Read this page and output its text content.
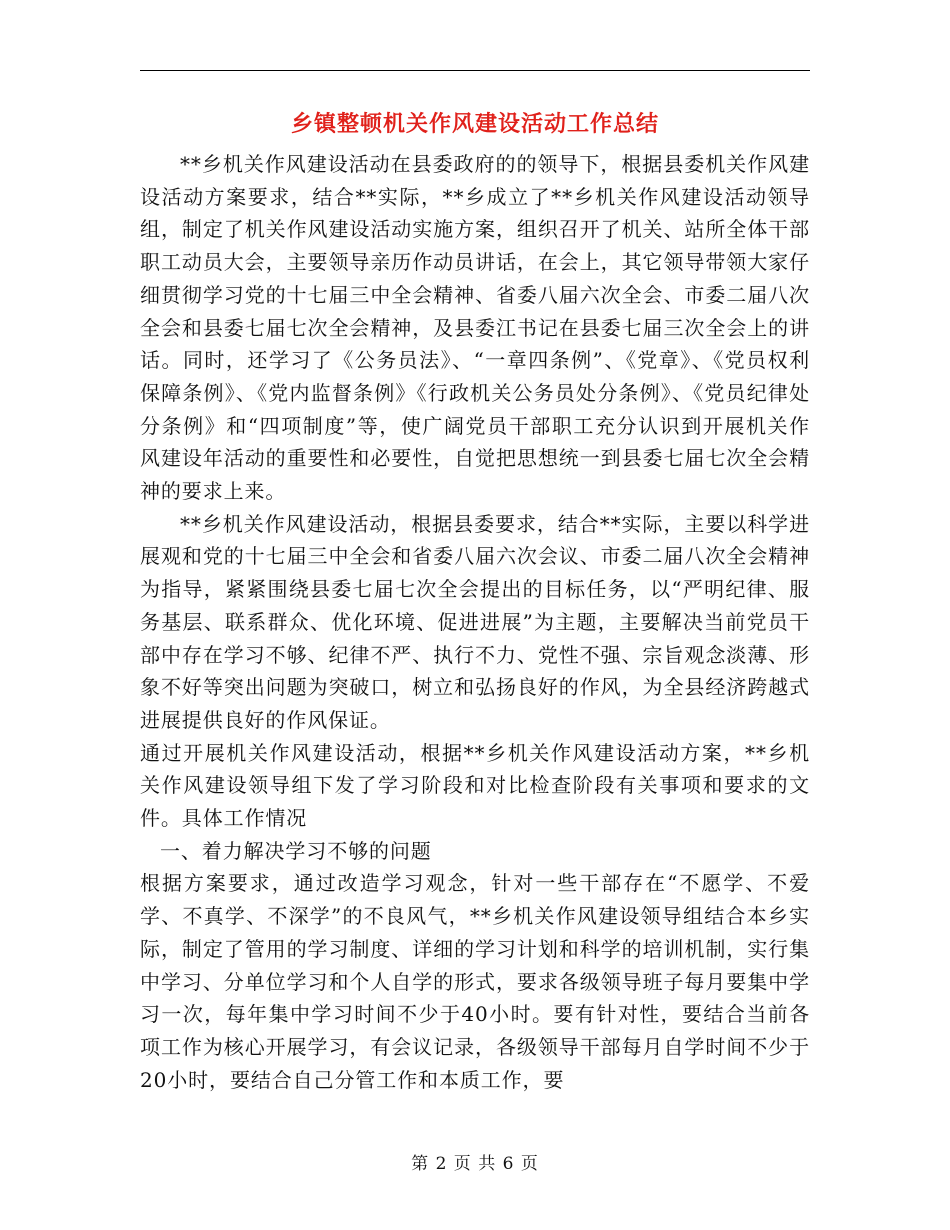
乡镇整顿机关作风建设活动工作总结

**乡机关作风建设活动在县委政府的的领导下，根据县委机关作风建设活动方案要求，结合**实际，**乡成立了**乡机关作风建设活动领导组，制定了机关作风建设活动实施方案，组织召开了机关、站所全体干部职工动员大会，主要领导亲历作动员讲话，在会上，其它领导带领大家仔细贯彻学习党的十七届三中全会精神、省委八届六次全会、市委二届八次全会和县委七届七次全会精神，及县委江书记在县委七届三次全会上的讲话。同时，还学习了《公务员法》、“一章四条例”、《党章》、《党员权利保障条例》、《党内监督条例》《行政机关公务员处分条例》、《党员纪律处分条例》和“四项制度”等，使广阔党员干部职工充分认识到开展机关作风建设年活动的重要性和必要性，自觉把思想统一到县委七届七次全会精神的要求上来。

**乡机关作风建设活动，根据县委要求，结合**实际，主要以科学进展观和党的十七届三中全会和省委八届六次会议、市委二届八次全会精神为指导，紧紧围绕县委七届七次全会提出的目标任务，以“严明纪律、服务基层、联系群众、优化环境、促进进展”为主题，主要解决当前党员干部中存在学习不够、纪律不严、执行不力、党性不强、宗旨观念淡薄、形象不好等突出问题为突破口，树立和弘扬良好的作风，为全县经济跨越式进展提供良好的作风保证。

通过开展机关作风建设活动，根据**乡机关作风建设活动方案，**乡机关作风建设领导组下发了学习阶段和对比检查阶段有关事项和要求的文件。具体工作情况

一、着力解决学习不够的问题

根据方案要求，通过改造学习观念，针对一些干部存在“不愿学、不爱学、不真学、不深学”的不良风气，**乡机关作风建设领导组结合本乡实际，制定了管用的学习制度、详细的学习计划和科学的培训机制，实行集中学习、分单位学习和个人自学的形式，要求各级领导班子每月要集中学习一次，每年集中学习时间不少于40小时。要有针对性，要结合当前各项工作为核心开展学习，有会议记录，各级领导干部每月自学时间不少于20小时，要结合自己分管工作和本质工作，要

第 2 页 共 6 页
